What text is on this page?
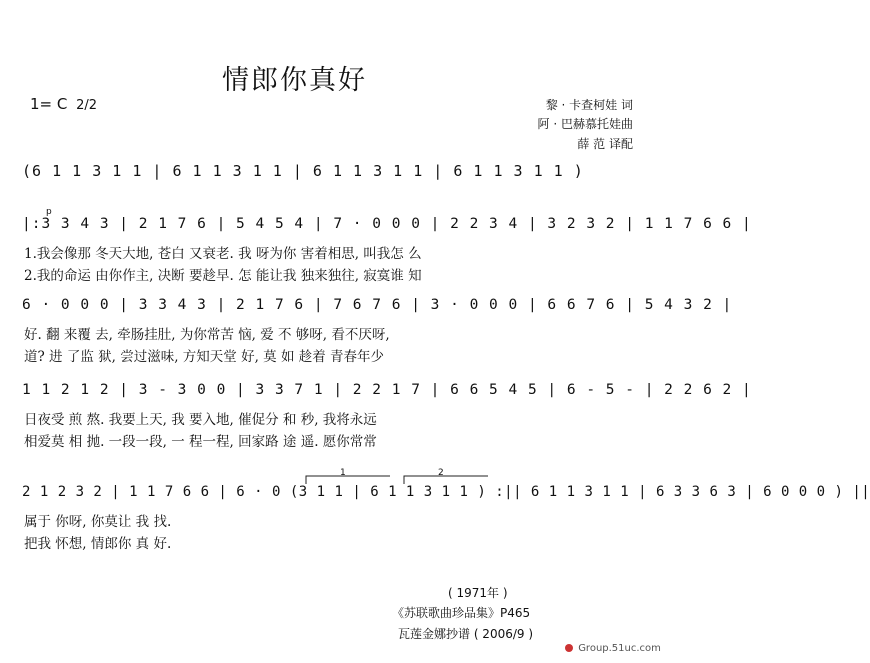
情郎你真好
1= C 2/2	黎 · 卡查柯娃 词
阿 · 巴赫慕托娃曲
薛 范 译配
(6 1 1 3 1 1 | 6 1 1 3 1 1 | 6 1 1 3 1 1 | 6 1 1 3 1 1 )
p
|:3 3 4 3 | 2 1 7 6 | 5 4 5 4 | 7 · 0 0 0 | 2 2 3 4 | 3 2 3 2 | 1 1 7 6 6 |
1.我会像那 冬天大地, 苍白 又衰老. 我 呀为你 害着相思, 叫我怎 么
2.我的命运 由你作主, 决断 要趁早. 怎 能让我 独来独往, 寂寞谁 知
6 · 0 0 0 | 3 3 4 3 | 2 1 7 6 | 7 6 7 6 | 3 · 0 0 0 | 6 6 7 6 | 5 4 3 2 |
好. 翻 来覆 去, 牵肠挂肚, 为你常苦 恼, 爱 不 够呀, 看不厌呀,
道? 进 了监 狱, 尝过滋味, 方知天堂 好, 莫 如 趁着 青春年少
1 1 2 1 2 | 3 - 3 0 0 | 3 3 7 1 | 2 2 1 7 | 6 6 5 4 5 | 6 - 5 - | 2 2 6 2 |
日夜受 煎 熬. 我要上天, 我 要入地, 催促分 和 秒, 我将永远
相爱莫 相 抛. 一段一段, 一 程一程, 回家路 途 遥. 愿你常常
1	2
2 1 2 3 2 | 1 1 7 6 6 | 6 · 0 (3 1 1 | 6 1 1 3 1 1 ) :|| 6 1 1 3 1 1 | 6 3 3 6 3 | 6 0 0 0 ) ||
属于 你呀, 你莫让 我 找.
把我 怀想, 情郎你 真 好.
( 1971年 )
《苏联歌曲珍品集》P465
瓦莲金娜抄谱 ( 2006/9 )
Group.51uc.com
